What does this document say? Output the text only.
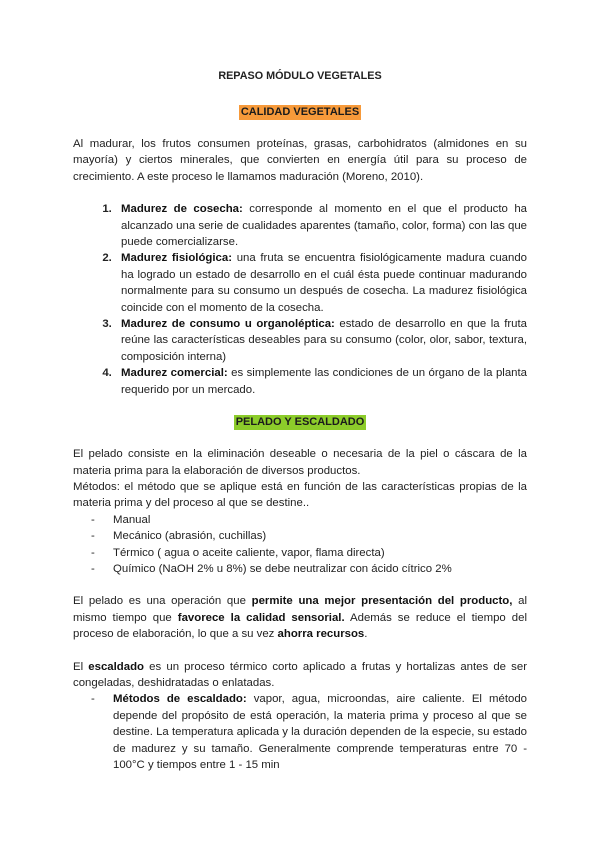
REPASO MÓDULO VEGETALES
CALIDAD VEGETALES

Al madurar, los frutos consumen proteínas, grasas, carbohidratos (almidones en su mayoría) y ciertos minerales, que convierten en energía útil para su proceso de crecimiento. A este proceso le llamamos maduración (Moreno, 2010).

1. Madurez de cosecha: corresponde al momento en el que el producto ha alcanzado una serie de cualidades aparentes (tamaño, color, forma) con las que puede comercializarse.
2. Madurez fisiológica: una fruta se encuentra fisiológicamente madura cuando ha logrado un estado de desarrollo en el cuál ésta puede continuar madurando normalmente para su consumo un después de cosecha. La madurez fisiológica coincide con el momento de la cosecha.
3. Madurez de consumo u organoléptica: estado de desarrollo en que la fruta reúne las características deseables para su consumo (color, olor, sabor, textura, composición interna)
4. Madurez comercial: es simplemente las condiciones de un órgano de la planta requerido por un mercado.
PELADO Y ESCALDADO

El pelado consiste en la eliminación deseable o necesaria de la piel o cáscara de la materia prima para la elaboración de diversos productos.

Métodos: el método que se aplique está en función de las características propias de la materia prima y del proceso al que se destine..

- Manual
- Mecánico (abrasión, cuchillas)
- Térmico ( agua o aceite caliente, vapor, flama directa)
- Químico (NaOH 2% u 8%) se debe neutralizar con ácido cítrico 2%

El pelado es una operación que permite una mejor presentación del producto, al mismo tiempo que favorece la calidad sensorial. Además se reduce el tiempo del proceso de elaboración, lo que a su vez ahorra recursos.

El escaldado es un proceso térmico corto aplicado a frutas y hortalizas antes de ser congeladas, deshidratadas o enlatadas.

- Métodos de escaldado: vapor, agua, microondas, aire caliente. El método depende del propósito de está operación, la materia prima y proceso al que se destine. La temperatura aplicada y la duración dependen de la especie, su estado de madurez y su tamaño. Generalmente comprende temperaturas entre 70 - 100°C y tiempos entre 1 - 15 min
